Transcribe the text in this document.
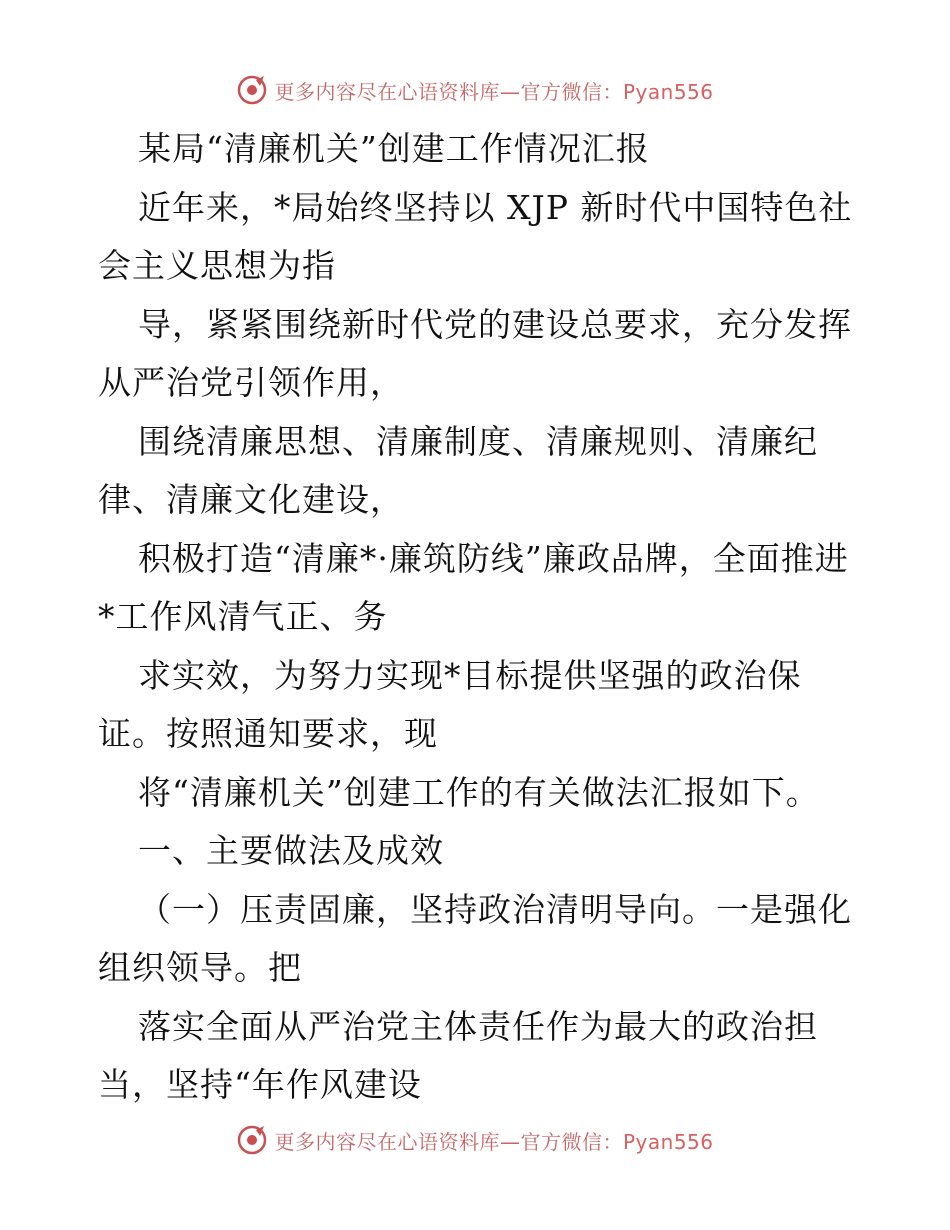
更多内容尽在心语资料库—官方微信：Pyan556

某局“清廉机关”创建工作情况汇报

近年来，*局始终坚持以 XJP 新时代中国特色社会主义思想为指

导，紧紧围绕新时代党的建设总要求，充分发挥从严治党引领作用，

围绕清廉思想、清廉制度、清廉规则、清廉纪律、清廉文化建设，

积极打造“清廉*·廉筑防线”廉政品牌，全面推进*工作风清气正、务

求实效，为努力实现*目标提供坚强的政治保证。按照通知要求，现

将“清廉机关”创建工作的有关做法汇报如下。

一、主要做法及成效

（一）压责固廉，坚持政治清明导向。一是强化组织领导。把

落实全面从严治党主体责任作为最大的政治担当，坚持“年作风建设

更多内容尽在心语资料库—官方微信：Pyan556
